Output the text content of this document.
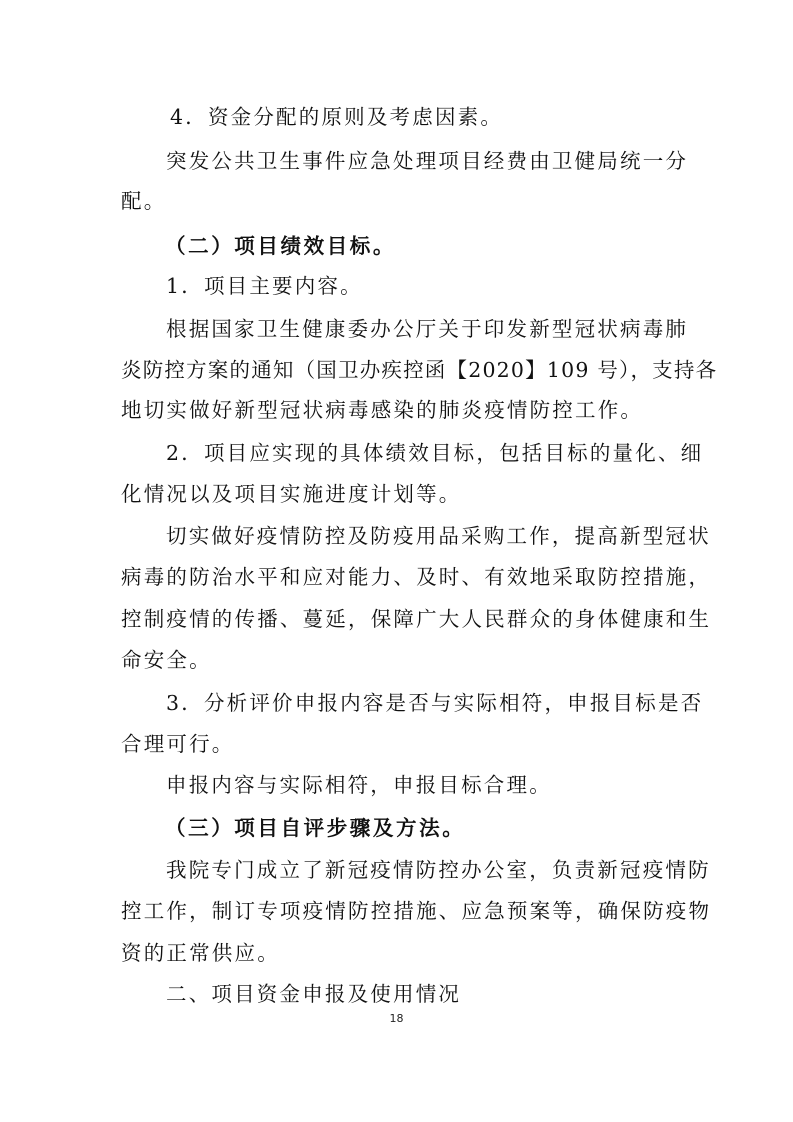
4．资金分配的原则及考虑因素。
突发公共卫生事件应急处理项目经费由卫健局统一分
配。
（二）项目绩效目标。
1．项目主要内容。
根据国家卫生健康委办公厅关于印发新型冠状病毒肺
炎防控方案的通知（国卫办疾控函【2020】109 号），支持各
地切实做好新型冠状病毒感染的肺炎疫情防控工作。
2．项目应实现的具体绩效目标，包括目标的量化、细
化情况以及项目实施进度计划等。
切实做好疫情防控及防疫用品采购工作，提高新型冠状
病毒的防治水平和应对能力、及时、有效地采取防控措施，
控制疫情的传播、蔓延，保障广大人民群众的身体健康和生
命安全。
3．分析评价申报内容是否与实际相符，申报目标是否
合理可行。
申报内容与实际相符，申报目标合理。
（三）项目自评步骤及方法。
我院专门成立了新冠疫情防控办公室，负责新冠疫情防
控工作，制订专项疫情防控措施、应急预案等，确保防疫物
资的正常供应。
二、项目资金申报及使用情况
18
